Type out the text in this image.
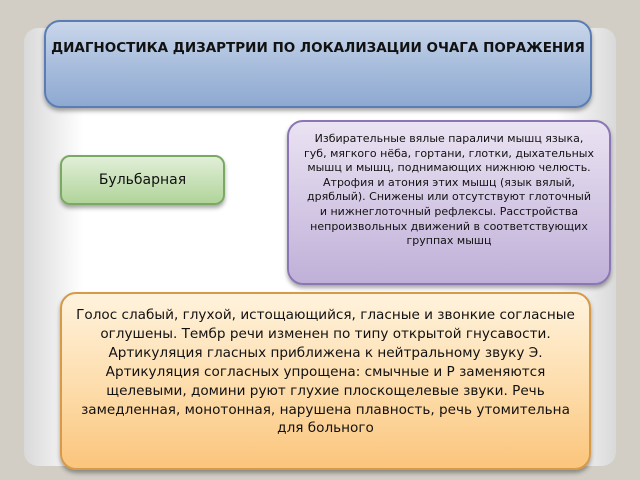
ДИАГНОСТИКА ДИЗАРТРИИ ПО ЛОКАЛИЗАЦИИ ОЧАГА ПОРАЖЕНИЯ
Бульбарная
Избирательные вялые параличи мышц языка, губ, мягкого нёба, гортани, глотки, дыхательных мышц и мышц, поднимающих нижнюю челюсть. Атрофия и атония этих мышц (язык вялый, дряблый). Снижены или отсутствуют глоточный и нижнеглоточный рефлексы. Расстройства непроизвольных движений в соответствующих группах мышц
Голос слабый, глухой, истощающийся, гласные и звонкие согласные оглушены. Тембр речи изменен по типу открытой гнусавости. Артикуляция гласных приближена к нейтральному звуку Э. Артикуляция согласных упрощена: смычные и Р заменяются щелевыми, домини руют глухие плоскощелевые звуки. Речь замедленная, монотонная, нарушена плавность, речь утомительна для больного
